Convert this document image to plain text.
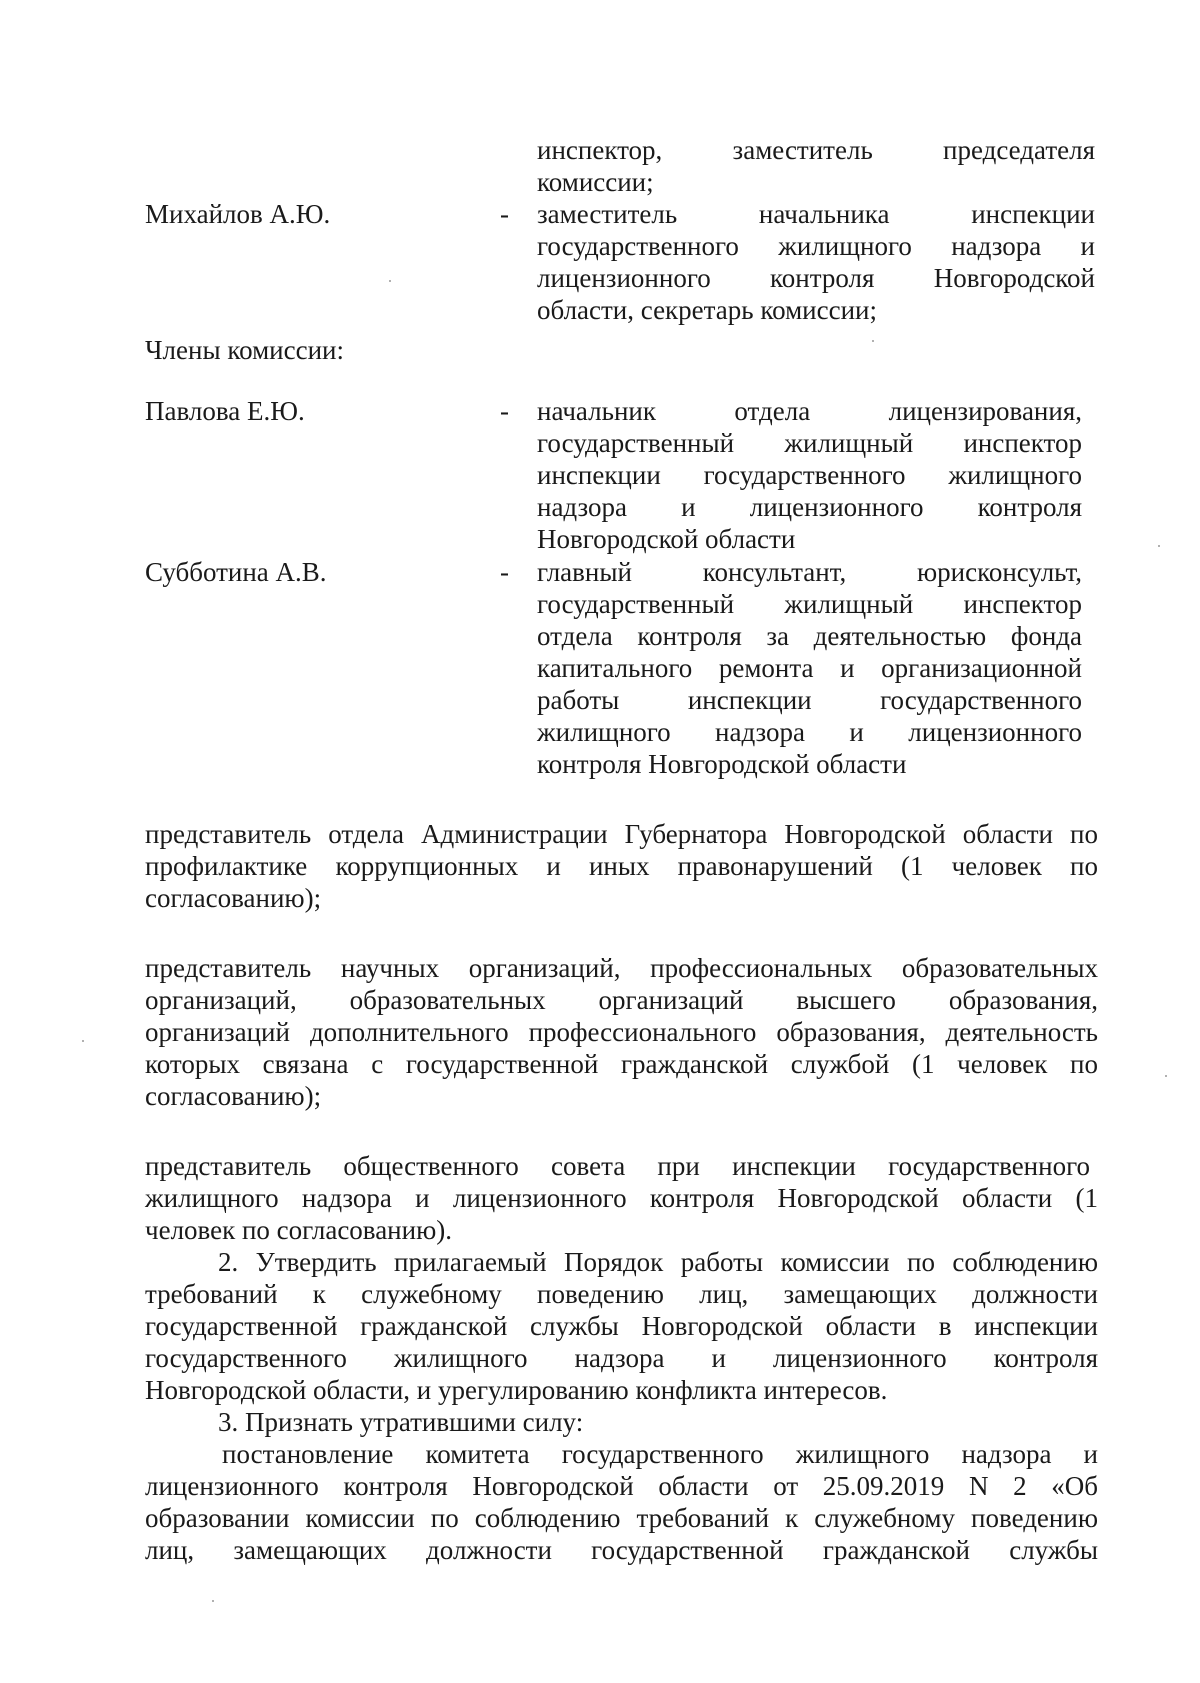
инспектор, заместитель председателя
комиссии;
Михайлов А.Ю.	- заместитель начальника инспекции
государственного жилищного надзора и
лицензионного контроля Новгородской
области, секретарь комиссии;
Члены комиссии:
Павлова Е.Ю.	- начальник отдела лицензирования,
государственный жилищный инспектор
инспекции государственного жилищного
надзора и лицензионного контроля
Новгородской области
Субботина А.В.	- главный консультант, юрисконсульт,
государственный жилищный инспектор
отдела контроля за деятельностью фонда
капитального ремонта и организационной
работы инспекции государственного
жилищного надзора и лицензионного
контроля Новгородской области
представитель отдела Администрации Губернатора Новгородской области по
профилактике коррупционных и иных правонарушений (1 человек по
согласованию);
представитель научных организаций, профессиональных образовательных
организаций, образовательных организаций высшего образования,
организаций дополнительного профессионального образования, деятельность
которых связана с государственной гражданской службой (1 человек по
согласованию);
представитель общественного совета при инспекции государственного
жилищного надзора и лицензионного контроля Новгородской области (1
человек по согласованию).
2. Утвердить прилагаемый Порядок работы комиссии по соблюдению
требований к служебному поведению лиц, замещающих должности
государственной гражданской службы Новгородской области в инспекции
государственного жилищного надзора и лицензионного контроля
Новгородской области, и урегулированию конфликта интересов.
3. Признать утратившими силу:
постановление комитета государственного жилищного надзора и
лицензионного контроля Новгородской области от 25.09.2019 N 2 «Об
образовании комиссии по соблюдению требований к служебному поведению
лиц, замещающих должности государственной гражданской службы
